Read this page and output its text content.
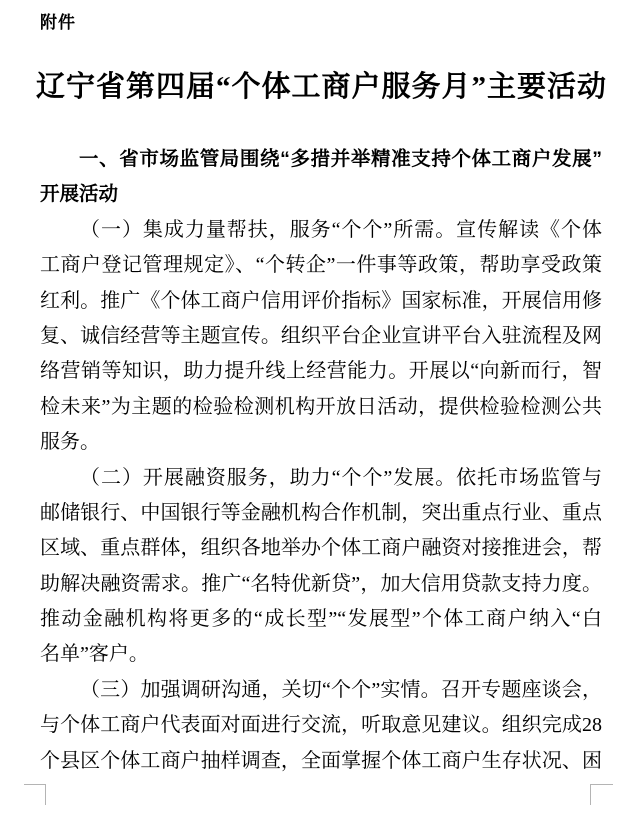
附件
辽宁省第四届“个体工商户服务月”主要活动
一、省市场监管局围绕“多措并举精准支持个体工商户发展”
开展活动
（一）集成力量帮扶，服务“个个”所需。宣传解读《个体
工商户登记管理规定》、“个转企”一件事等政策，帮助享受政策
红利。推广《个体工商户信用评价指标》国家标准，开展信用修
复、诚信经营等主题宣传。组织平台企业宣讲平台入驻流程及网
络营销等知识，助力提升线上经营能力。开展以“向新而行，智
检未来”为主题的检验检测机构开放日活动，提供检验检测公共
服务。
（二）开展融资服务，助力“个个”发展。依托市场监管与
邮储银行、中国银行等金融机构合作机制，突出重点行业、重点
区域、重点群体，组织各地举办个体工商户融资对接推进会，帮
助解决融资需求。推广“名特优新贷”，加大信用贷款支持力度。
推动金融机构将更多的“成长型”“发展型”个体工商户纳入“白
名单”客户。
（三）加强调研沟通，关切“个个”实情。召开专题座谈会，
与个体工商户代表面对面进行交流，听取意见建议。组织完成28
个县区个体工商户抽样调查，全面掌握个体工商户生存状况、困
